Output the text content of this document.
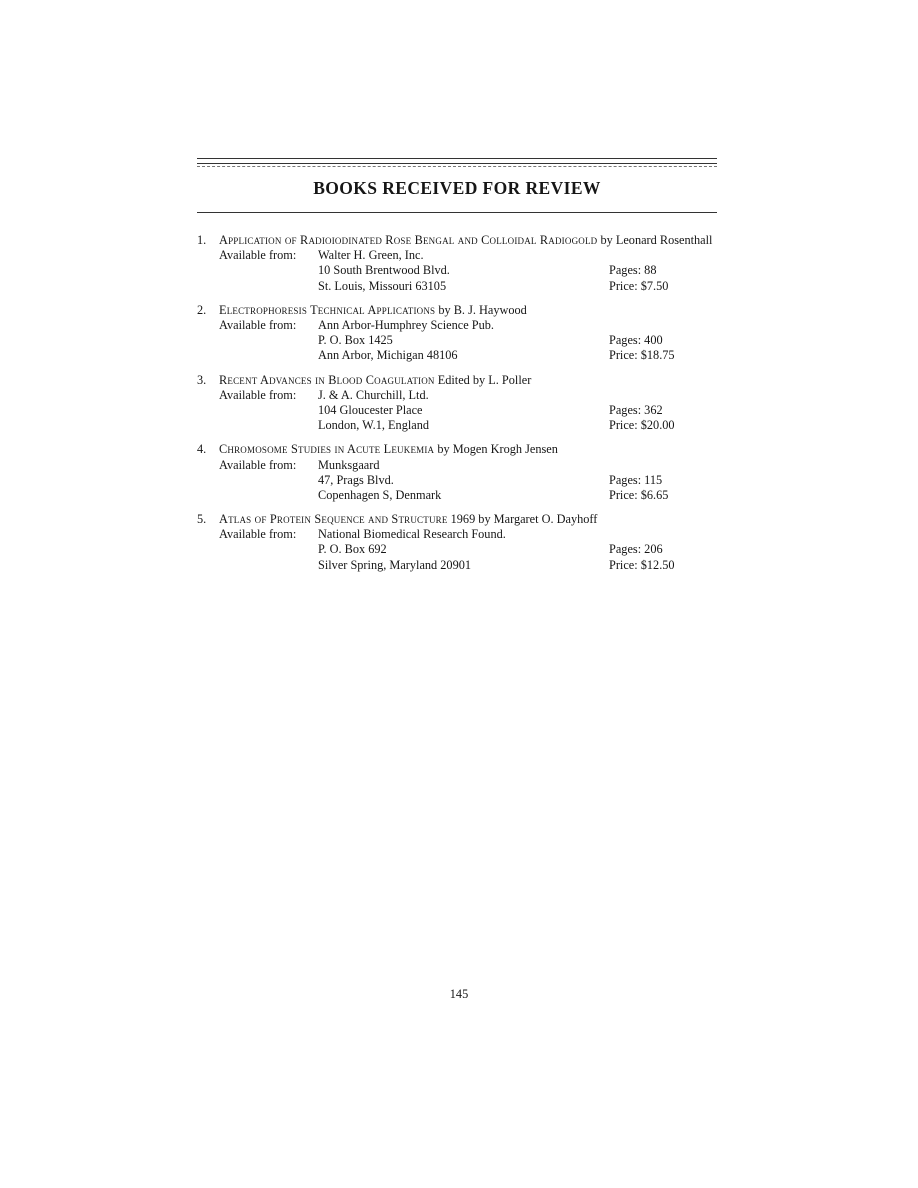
BOOKS RECEIVED FOR REVIEW
1. Application of Radioiodinated Rose Bengal and Colloidal Radiogold by Leonard Rosenthall
Available from:	Walter H. Green, Inc.
10 South Brentwood Blvd.	Pages: 88
St. Louis, Missouri 63105	Price: $7.50
2. Electrophoresis Technical Applications by B. J. Haywood
Available from:	Ann Arbor-Humphrey Science Pub.
P. O. Box 1425	Pages: 400
Ann Arbor, Michigan 48106	Price: $18.75
3. Recent Advances in Blood Coagulation Edited by L. Poller
Available from:	J. & A. Churchill, Ltd.
104 Gloucester Place	Pages: 362
London, W.1, England	Price: $20.00
4. Chromosome Studies in Acute Leukemia by Mogen Krogh Jensen
Available from:	Munksgaard
47, Prags Blvd.	Pages: 115
Copenhagen S, Denmark	Price: $6.65
5. Atlas of Protein Sequence and Structure 1969 by Margaret O. Dayhoff
Available from:	National Biomedical Research Found.
P. O. Box 692	Pages: 206
Silver Spring, Maryland 20901	Price: $12.50
145
